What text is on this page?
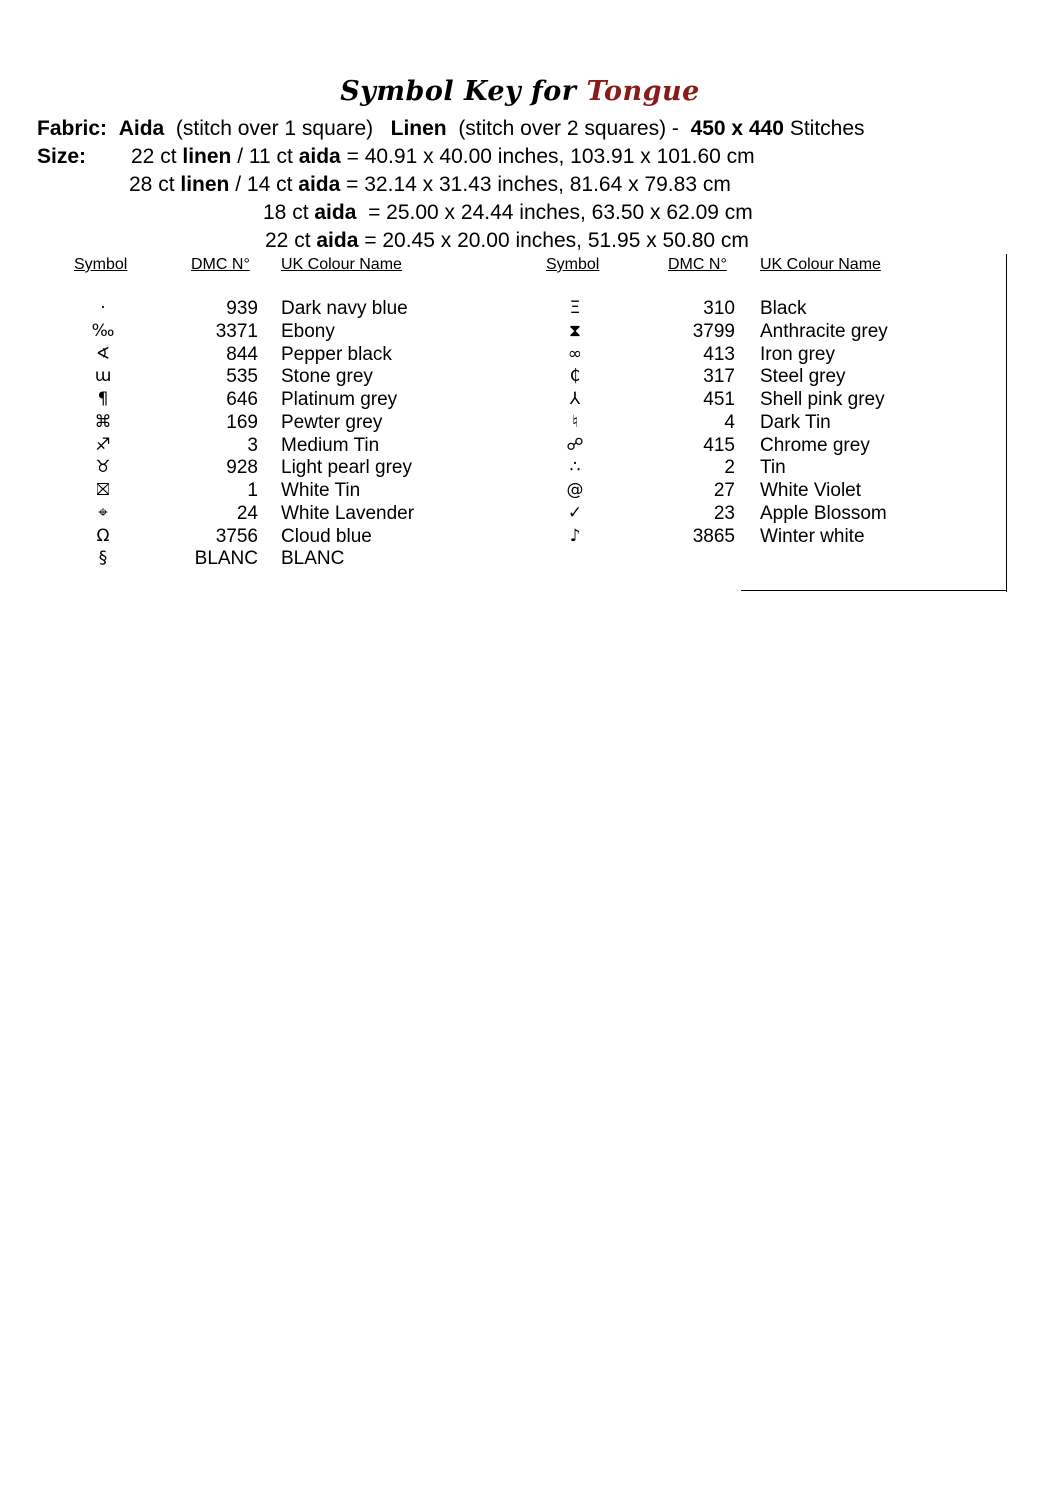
Symbol Key for Tongue
Fabric: Aida (stitch over 1 square) Linen (stitch over 2 squares) - 450 x 440 Stitches
Size: 22 ct linen / 11 ct aida = 40.91 x 40.00 inches, 103.91 x 101.60 cm
28 ct linen / 14 ct aida = 32.14 x 31.43 inches, 81.64 x 79.83 cm
18 ct aida = 25.00 x 24.44 inches, 63.50 x 62.09 cm
22 ct aida = 20.45 x 20.00 inches, 51.95 x 50.80 cm
Symbol	DMC N° UK Colour Name	Symbol	DMC N° UK Colour Name
·	939 Dark navy blue
‰	3371 Ebony
∢	844 Pepper black
ɯ	535 Stone grey
¶	646 Platinum grey
⌘	169 Pewter grey
♐	3 Medium Tin
♉	928 Light pearl grey
⛝	1 White Tin
⌖	24 White Lavender
Ω	3756 Cloud blue
§	BLANC BLANC
Ξ	310 Black
⧗	3799 Anthracite grey
∞	413 Iron grey
₵	317 Steel grey
⅄	451 Shell pink grey
♮	4 Dark Tin
☍	415 Chrome grey
∴	2 Tin
@	27 White Violet
✓	23 Apple Blossom
♪	3865 Winter white
